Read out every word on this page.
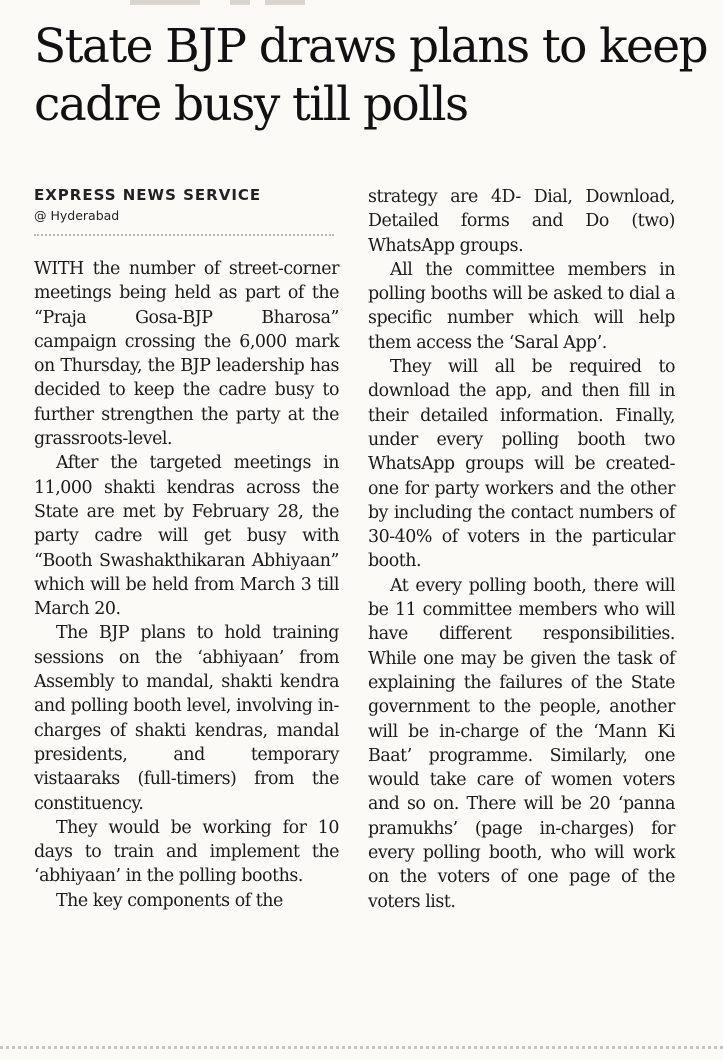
State BJP draws plans to keep cadre busy till polls
EXPRESS NEWS SERVICE
@ Hyderabad

WITH the number of street-corner meetings being held as part of the “Praja Gosa-BJP Bharosa” campaign crossing the 6,000 mark on Thursday, the BJP leadership has decided to keep the cadre busy to further strengthen the party at the grassroots-level.

After the targeted meetings in 11,000 shakti kendras across the State are met by February 28, the party cadre will get busy with “Booth Swashakthikaran Abhiyaan” which will be held from March 3 till March 20.

The BJP plans to hold training sessions on the ‘abhiyaan’ from Assembly to mandal, shakti kendra and polling booth level, involving in-charges of shakti kendras, mandal presidents, and temporary vistaaraks (full-timers) from the constituency.

They would be working for 10 days to train and implement the ‘abhiyaan’ in the polling booths.

The key components of the

strategy are 4D- Dial, Download, Detailed forms and Do (two) WhatsApp groups.

All the committee members in polling booths will be asked to dial a specific number which will help them access the ‘Saral App’.

They will all be required to download the app, and then fill in their detailed information. Finally, under every polling booth two WhatsApp groups will be created- one for party workers and the other by including the contact numbers of 30-40% of voters in the particular booth.

At every polling booth, there will be 11 committee members who will have different responsibilities. While one may be given the task of explaining the failures of the State government to the people, another will be in-charge of the ‘Mann Ki Baat’ programme. Similarly, one would take care of women voters and so on. There will be 20 ‘panna pramukhs’ (page in-charges) for every polling booth, who will work on the voters of one page of the voters list.
